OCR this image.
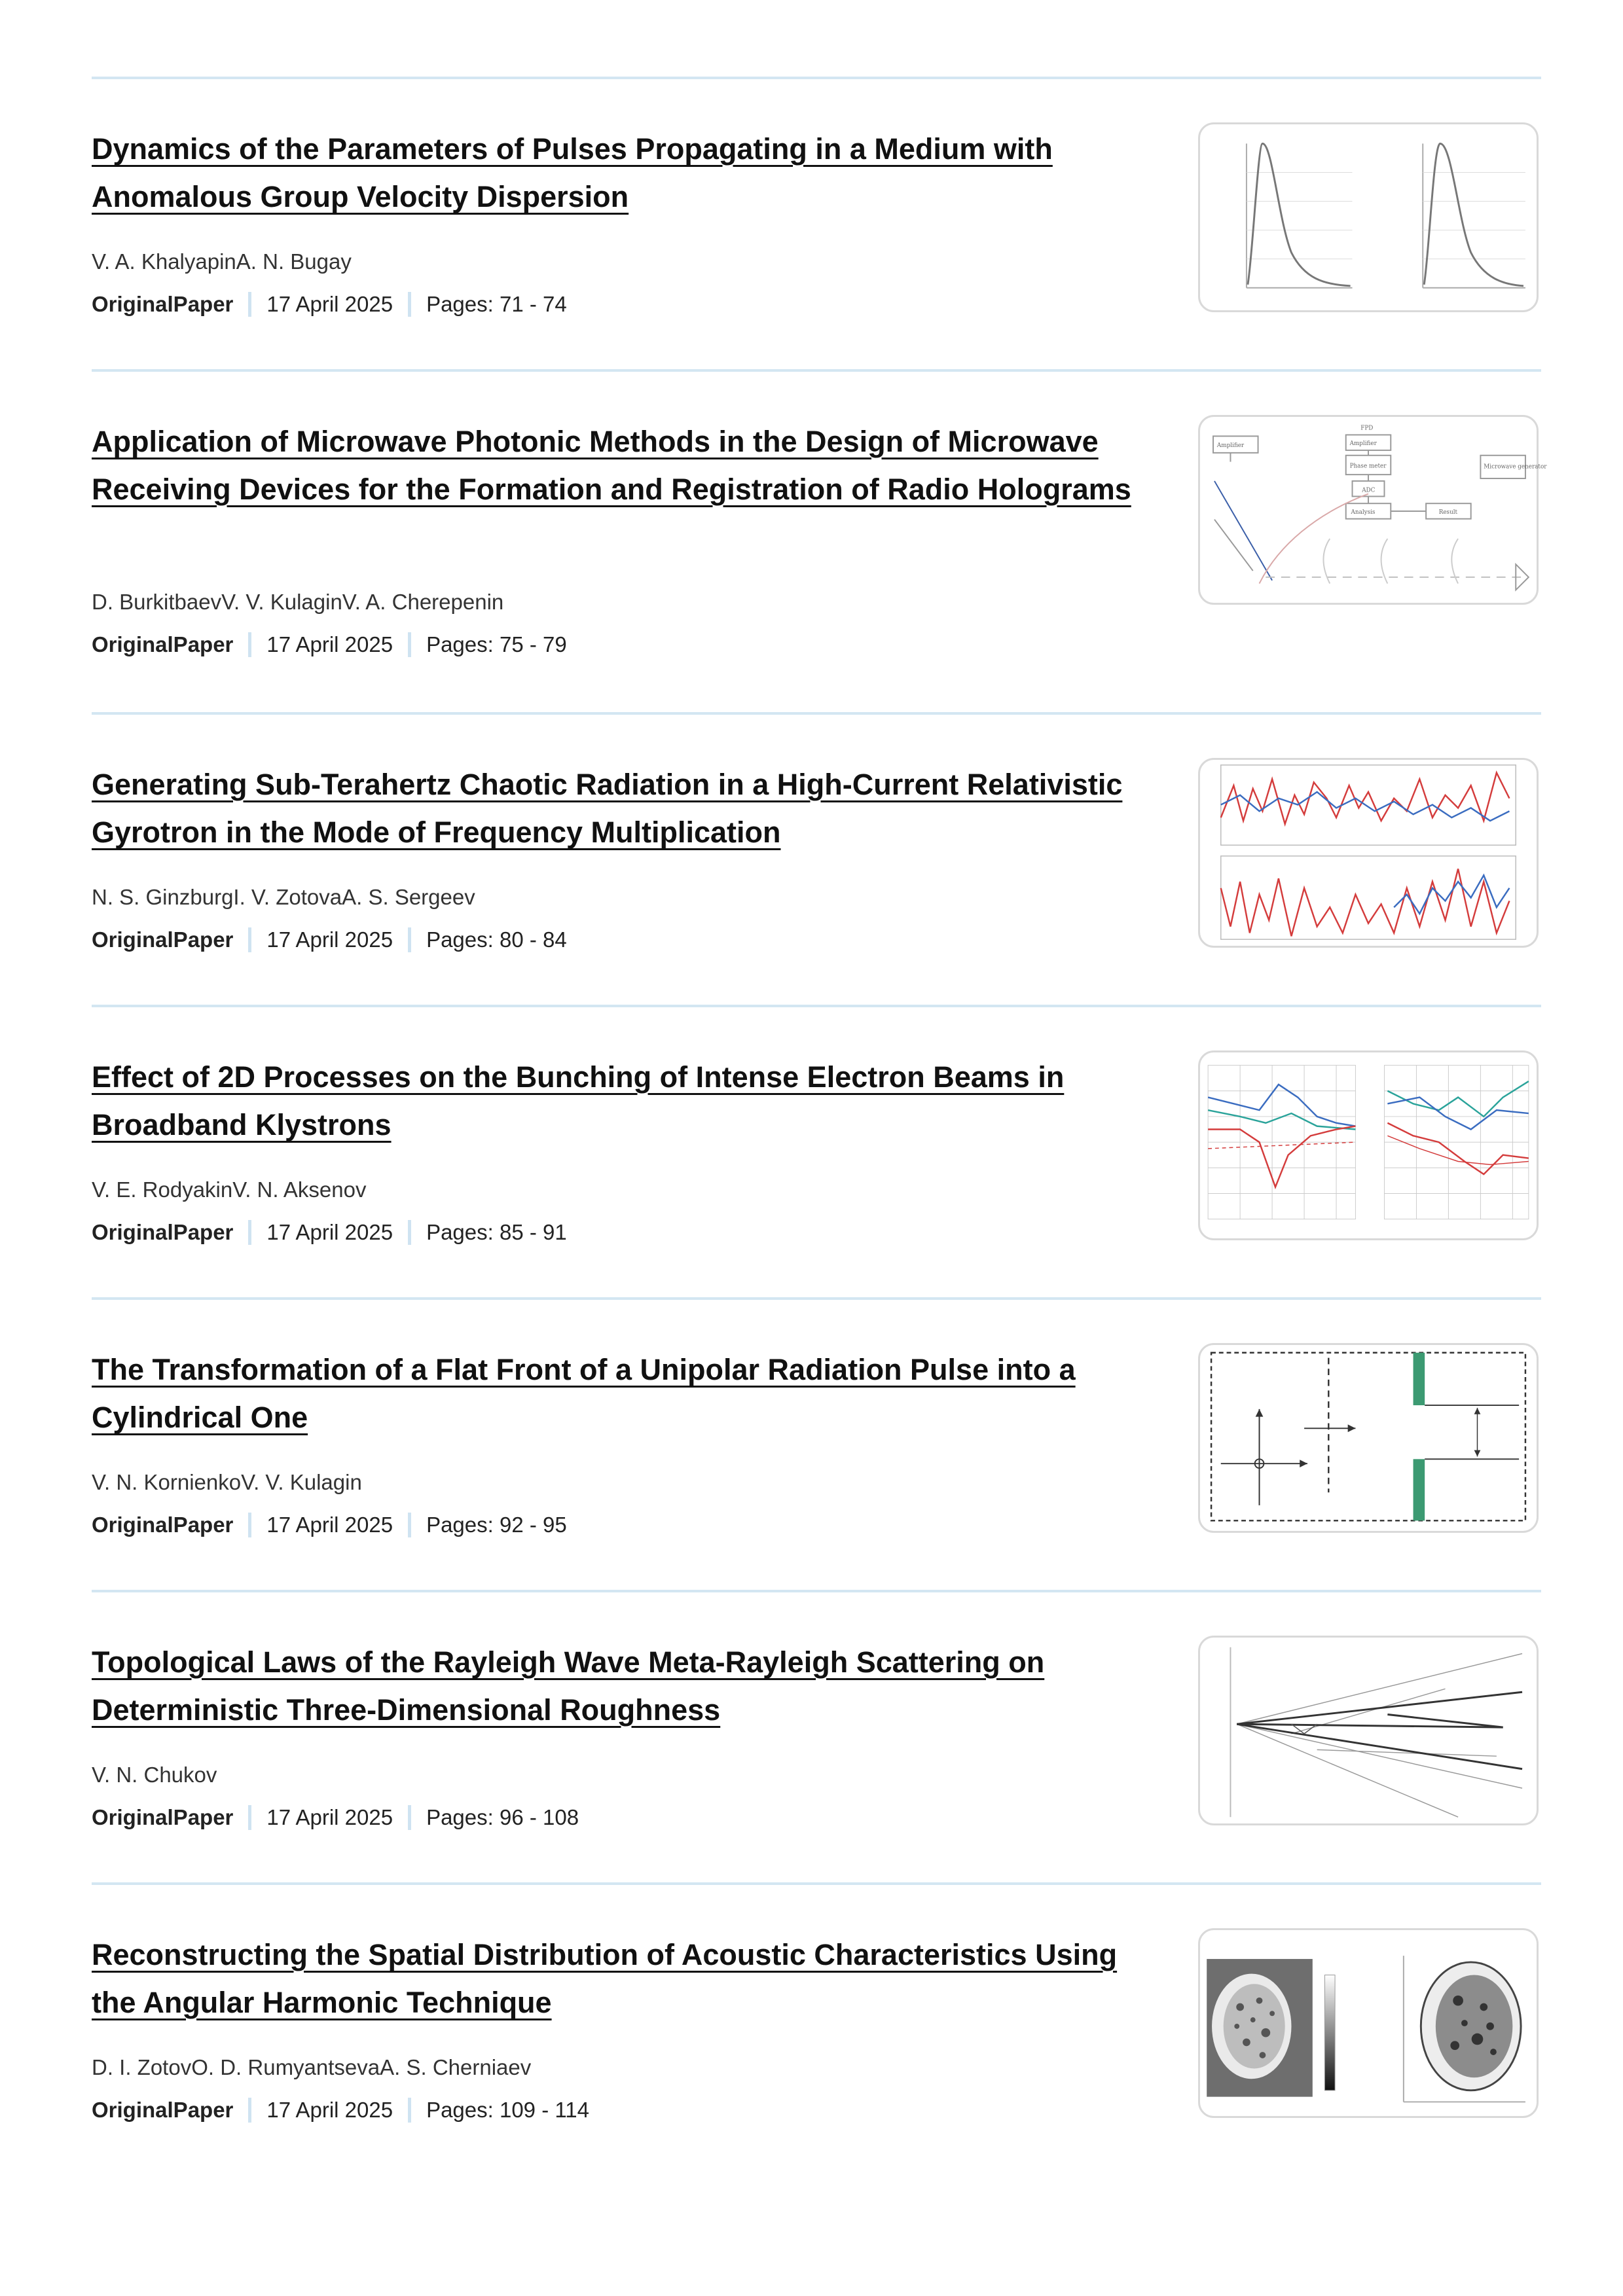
Dynamics of the Parameters of Pulses Propagating in a Medium with Anomalous Group Velocity Dispersion
V. A. KhalyapinA. N. Bugay
OriginalPaper 17 April 2025 Pages: 71 - 74
Application of Microwave Photonic Methods in the Design of Microwave Receiving Devices for the Formation and Registration of Radio Holograms
D. BurkitbaevV. V. KulaginV. A. Cherepenin
OriginalPaper 17 April 2025 Pages: 75 - 79
Amplifier
FPD
Amplifier
Phase meter
ADC
Analysis	Result
Microwave generator
Generating Sub-Terahertz Chaotic Radiation in a High-Current Relativistic Gyrotron in the Mode of Frequency Multiplication
N. S. GinzburgI. V. ZotovaA. S. Sergeev
OriginalPaper 17 April 2025 Pages: 80 - 84
Effect of 2D Processes on the Bunching of Intense Electron Beams in Broadband Klystrons
V. E. RodyakinV. N. Aksenov
OriginalPaper 17 April 2025 Pages: 85 - 91
The Transformation of a Flat Front of a Unipolar Radiation Pulse into a Cylindrical One
V. N. KornienkoV. V. Kulagin
OriginalPaper 17 April 2025 Pages: 92 - 95
Topological Laws of the Rayleigh Wave Meta-Rayleigh Scattering on Deterministic Three-Dimensional Roughness
V. N. Chukov
OriginalPaper 17 April 2025 Pages: 96 - 108
Reconstructing the Spatial Distribution of Acoustic Characteristics Using the Angular Harmonic Technique
D. I. ZotovO. D. RumyantsevaA. S. Cherniaev
OriginalPaper 17 April 2025 Pages: 109 - 114
